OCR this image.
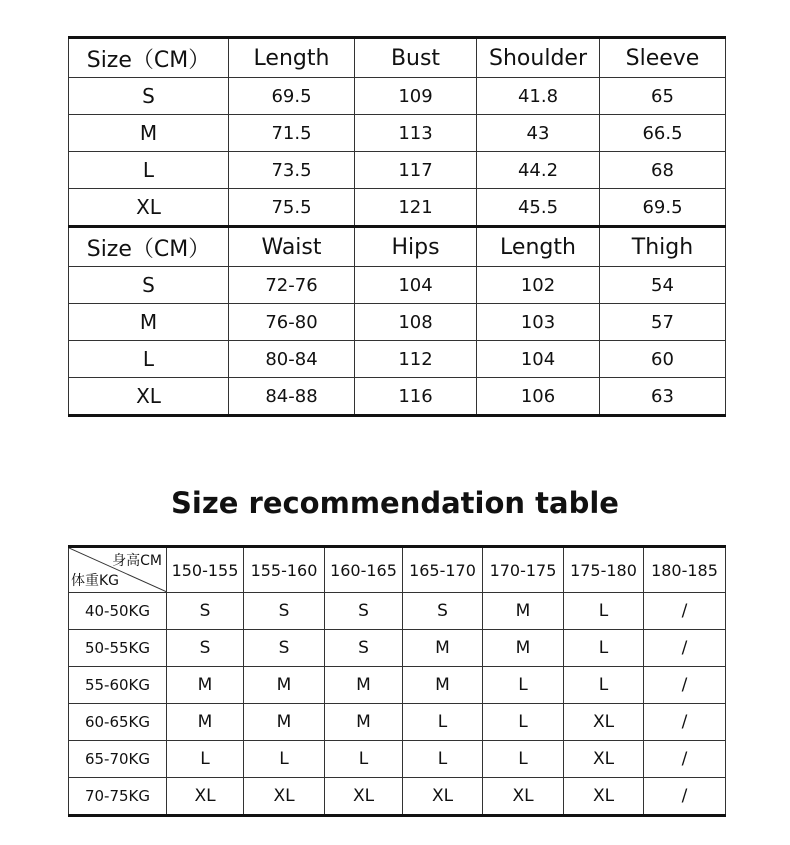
Size（CM）	Length	Bust	Shoulder	Sleeve
S	69.5	109	41.8	65
M	71.5	113	43	66.5
L	73.5	117	44.2	68
XL	75.5	121	45.5	69.5
Size（CM）	Waist	Hips	Length	Thigh
S	72-76	104	102	54
M	76-80	108	103	57
L	80-84	112	104	60
XL	84-88	116	106	63
Size recommendation table
身高CM
体重KG	150-155	155-160	160-165	165-170	170-175	175-180	180-185
40-50KG	S	S	S	S	M	L	/
50-55KG	S	S	S	M	M	L	/
55-60KG	M	M	M	M	L	L	/
60-65KG	M	M	M	L	L	XL	/
65-70KG	L	L	L	L	L	XL	/
70-75KG	XL	XL	XL	XL	XL	XL	/
